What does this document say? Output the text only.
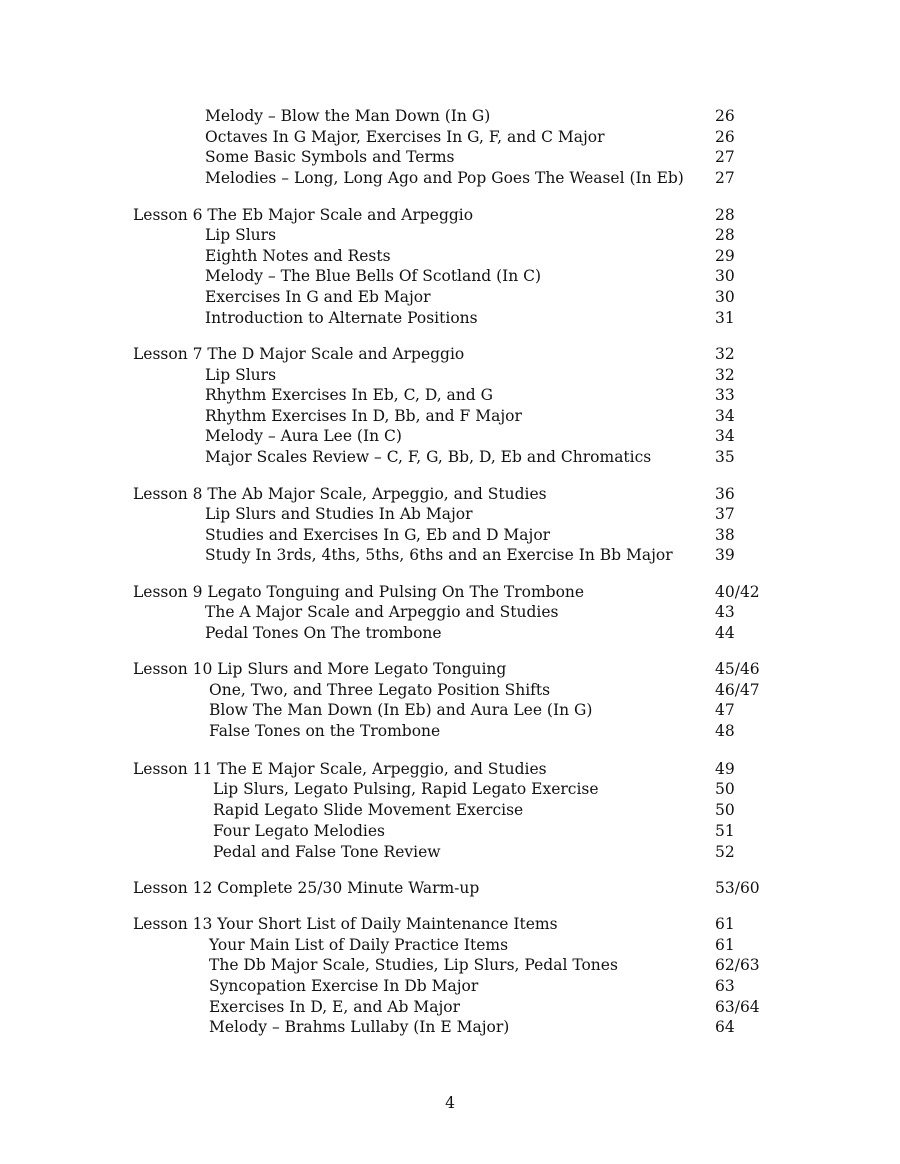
Melody – Blow the Man Down (In G)	26
Octaves In G Major, Exercises In G, F, and C Major	26
Some Basic Symbols and Terms	27
Melodies – Long, Long Ago and Pop Goes The Weasel (In Eb) 27
Lesson 6 The Eb Major Scale and Arpeggio	28
Lip Slurs	28
Eighth Notes and Rests	29
Melody – The Blue Bells Of Scotland (In C)	30
Exercises In G and Eb Major	30
Introduction to Alternate Positions	31
Lesson 7 The D Major Scale and Arpeggio	32
Lip Slurs	32
Rhythm Exercises In Eb, C, D, and G	33
Rhythm Exercises In D, Bb, and F Major	34
Melody – Aura Lee (In C)	34
Major Scales Review – C, F, G, Bb, D, Eb and Chromatics	35
Lesson 8 The Ab Major Scale, Arpeggio, and Studies	36
Lip Slurs and Studies In Ab Major	37
Studies and Exercises In G, Eb and D Major	38
Study In 3rds, 4ths, 5ths, 6ths and an Exercise In Bb Major	39
Lesson 9 Legato Tonguing and Pulsing On The Trombone	40/42
The A Major Scale and Arpeggio and Studies	43
Pedal Tones On The trombone	44
Lesson 10 Lip Slurs and More Legato Tonguing	45/46
One, Two, and Three Legato Position Shifts	46/47
Blow The Man Down (In Eb) and Aura Lee (In G)	47
False Tones on the Trombone	48
Lesson 11 The E Major Scale, Arpeggio, and Studies	49
Lip Slurs, Legato Pulsing, Rapid Legato Exercise	50
Rapid Legato Slide Movement Exercise	50
Four Legato Melodies	51
Pedal and False Tone Review	52
Lesson 12 Complete 25/30 Minute Warm-up	53/60
Lesson 13 Your Short List of Daily Maintenance Items	61
Your Main List of Daily Practice Items	61
The Db Major Scale, Studies, Lip Slurs, Pedal Tones	62/63
Syncopation Exercise In Db Major	63
Exercises In D, E, and Ab Major	63/64
Melody – Brahms Lullaby (In E Major)	64
4
